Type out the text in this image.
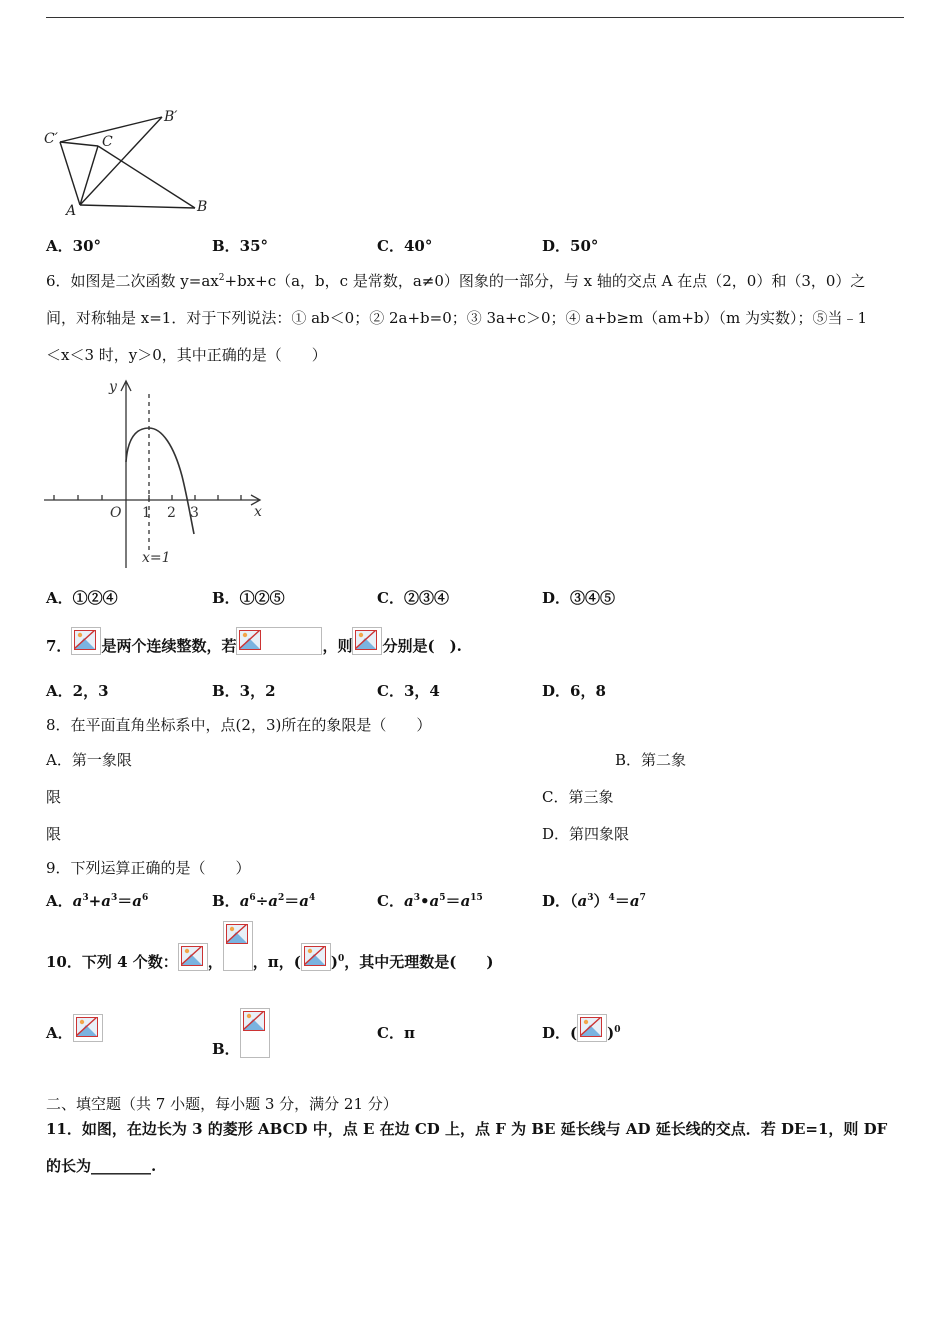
C′	C
B′
A	B
A．30°	B．35°	C．40°	D．50°
6．如图是二次函数 $y=ax^2+bx+c(a$，b，c 是常数，a≠0）图象的一部分，与 x 轴的交点 A 在点（2，0）和（3，0）之
间，对称轴是 x=1．对于下列说法：① ab＜0；② 2a+b=0；③ 3a+c＞0；④ a+b≥m（am+b）（m 为实数）；⑤当﹣1
＜x＜3 时，y＞0，其中正确的是（　　）
y
x
O 1 2 3
x=1
A．①②④	B．①②⑤	C．②③④	D．③④⑤
7． 是两个连续整数，若	，则 分别是(　).
A．2，3	B．3，2	C．3，4	D．6，8
8．在平面直角坐标系中，点(2，3)所在的象限是（　　）
A．第一象限	B．第二象
限	C．第三象
限	D．第四象限
9．下列运算正确的是（　　）
A．$a^3+a^3=a^6$	B．$a^6\div a^2=a^4$	C．$a^3•a^5=a^{15}$	D．$(a^3)^4=a^7$
10．下列 4 个数： ， ，π，( )$^0$，其中无理数是(　　)
A．
B．
C．π	D．( )$^0$
二、填空题（共 7 小题，每小题 3 分，满分 21 分）
11．如图，在边长为 3 的菱形 ABCD 中，点 E 在边 CD 上，点 F 为 BE 延长线与 AD 延长线的交点．若 DE=1，则 DF
的长为________.
